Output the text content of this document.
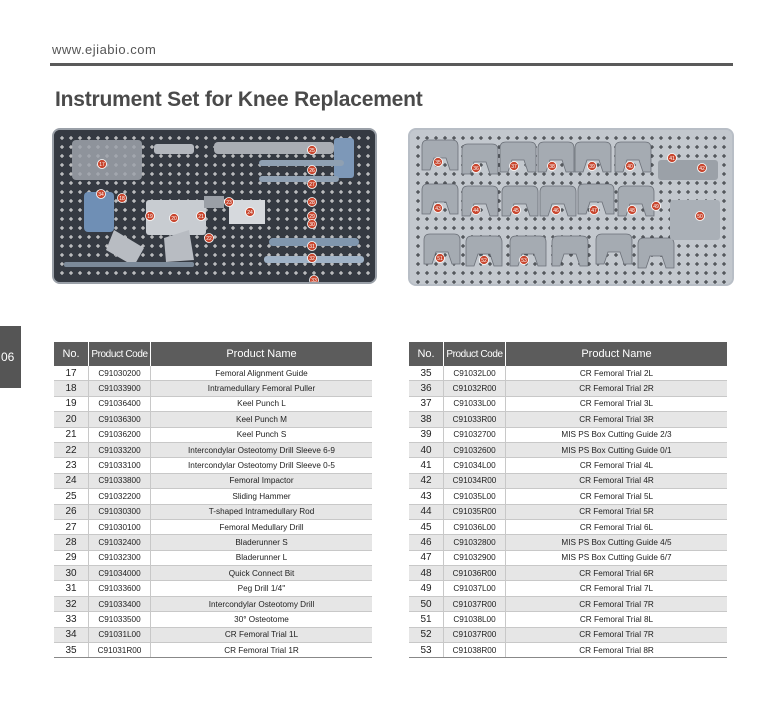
www.ejiabio.com
Instrument Set for Knee Replacement
06
17
18
19	20	21
22
23
24
25
26
27
28
29
30
31
32
33
34
35
36	37	38	39	40
41
42
43	44	45	46	47	48
49
50
51	52	53
No.	Product Code	Product Name
17	C91030200	Femoral Alignment Guide
18	C91033900	Intramedullary Femoral Puller
19	C91036400	Keel Punch L
20	C91036300	Keel Punch M
21	C91036200	Keel Punch S
22	C91033200	Intercondylar Osteotomy Drill Sleeve 6-9
23	C91033100	Intercondylar Osteotomy Drill Sleeve 0-5
24	C91033800	Femoral Impactor
25	C91032200	Sliding Hammer
26	C91030300	T-shaped Intramedullary Rod
27	C91030100	Femoral Medullary Drill
28	C91032400	Bladerunner S
29	C91032300	Bladerunner L
30	C91034000	Quick Connect Bit
31	C91033600	Peg Drill 1/4''
32	C91033400	Intercondylar Osteotomy Drill
33	C91033500	30° Osteotome
34	C91031L00	CR Femoral Trial 1L
35	C91031R00	CR Femoral Trial 1R
No.	Product Code	Product Name
35	C91032L00	CR Femoral Trial 2L
36	C91032R00	CR Femoral Trial 2R
37	C91033L00	CR Femoral Trial 3L
38	C91033R00	CR Femoral Trial 3R
39	C91032700	MIS PS Box Cutting Guide 2/3
40	C91032600	MIS PS Box Cutting Guide 0/1
41	C91034L00	CR Femoral Trial 4L
42	C91034R00	CR Femoral Trial 4R
43	C91035L00	CR Femoral Trial 5L
44	C91035R00	CR Femoral Trial 5R
45	C91036L00	CR Femoral Trial 6L
46	C91032800	MIS PS Box Cutting Guide 4/5
47	C91032900	MIS PS Box Cutting Guide 6/7
48	C91036R00	CR Femoral Trial 6R
49	C91037L00	CR Femoral Trial 7L
50	C91037R00	CR Femoral Trial 7R
51	C91038L00	CR Femoral Trial 8L
52	C91037R00	CR Femoral Trial 7R
53	C91038R00	CR Femoral Trial 8R
